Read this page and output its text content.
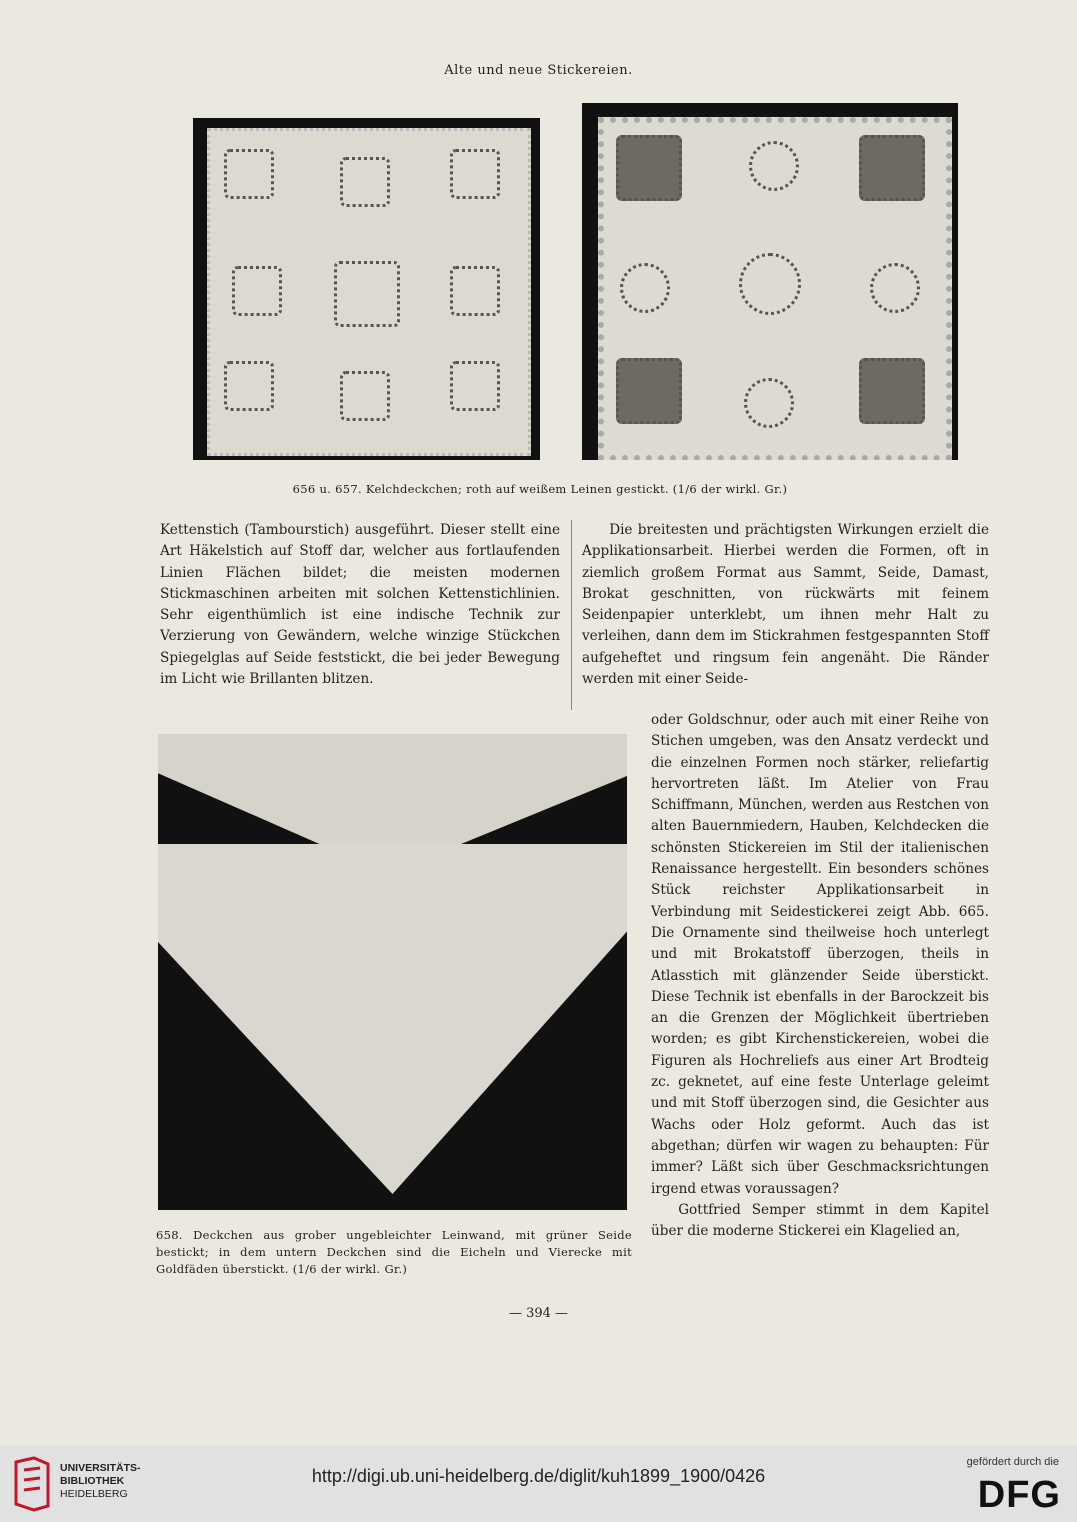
Alte und neue Stickereien.
656 u. 657. Kelchdeckchen; roth auf weißem Leinen gestickt. (1/6 der wirkl. Gr.)

Kettenstich (Tambourstich) ausgeführt. Dieser stellt eine Art Häkelstich auf Stoff dar, welcher aus fortlaufenden Linien Flächen bildet; die meisten modernen Stickmaschinen arbeiten mit solchen Kettenstichlinien. Sehr eigenthümlich ist eine indische Technik zur Verzierung von Gewändern, welche winzige Stückchen Spiegelglas auf Seide feststickt, die bei jeder Bewegung im Licht wie Brillanten blitzen.

Die breitesten und prächtigsten Wirkungen erzielt die Applikationsarbeit. Hierbei werden die Formen, oft in ziemlich großem Format aus Sammt, Seide, Damast, Brokat geschnitten, von rückwärts mit feinem Seidenpapier unterklebt, um ihnen mehr Halt zu verleihen, dann dem im Stickrahmen festgespannten Stoff aufgeheftet und ringsum fein angenäht. Die Ränder werden mit einer Seide-

oder Goldschnur, oder auch mit einer Reihe von Stichen umgeben, was den Ansatz verdeckt und die einzelnen Formen noch stärker, reliefartig hervortreten läßt. Im Atelier von Frau Schiffmann, München, werden aus Restchen von alten Bauernmiedern, Hauben, Kelchdecken die schönsten Stickereien im Stil der italienischen Renaissance hergestellt. Ein besonders schönes Stück reichster Applikationsarbeit in Verbindung mit Seidestickerei zeigt Abb. 665. Die Ornamente sind theilweise hoch unterlegt und mit Brokatstoff überzogen, theils in Atlasstich mit glänzender Seide überstickt. Diese Technik ist ebenfalls in der Barockzeit bis an die Grenzen der Möglichkeit übertrieben worden; es gibt Kirchenstickereien, wobei die Figuren als Hochreliefs aus einer Art Brodteig zc. geknetet, auf eine feste Unterlage geleimt und mit Stoff überzogen sind, die Gesichter aus Wachs oder Holz geformt. Auch das ist abgethan; dürfen wir wagen zu behaupten: Für immer? Läßt sich über Geschmacksrichtungen irgend etwas voraussagen?

Gottfried Semper stimmt in dem Kapitel über die moderne Stickerei ein Klagelied an,

658. Deckchen aus grober ungebleichter Leinwand, mit grüner Seide bestickt; in dem untern Deckchen sind die Eicheln und Vierecke mit Goldfäden überstickt. (1/6 der wirkl. Gr.)
— 394 —
UNIVERSITÄTS-
BIBLIOTHEK
HEIDELBERG
http://digi.ub.uni-heidelberg.de/diglit/kuh1899_1900/0426
gefördert durch die
DFG
